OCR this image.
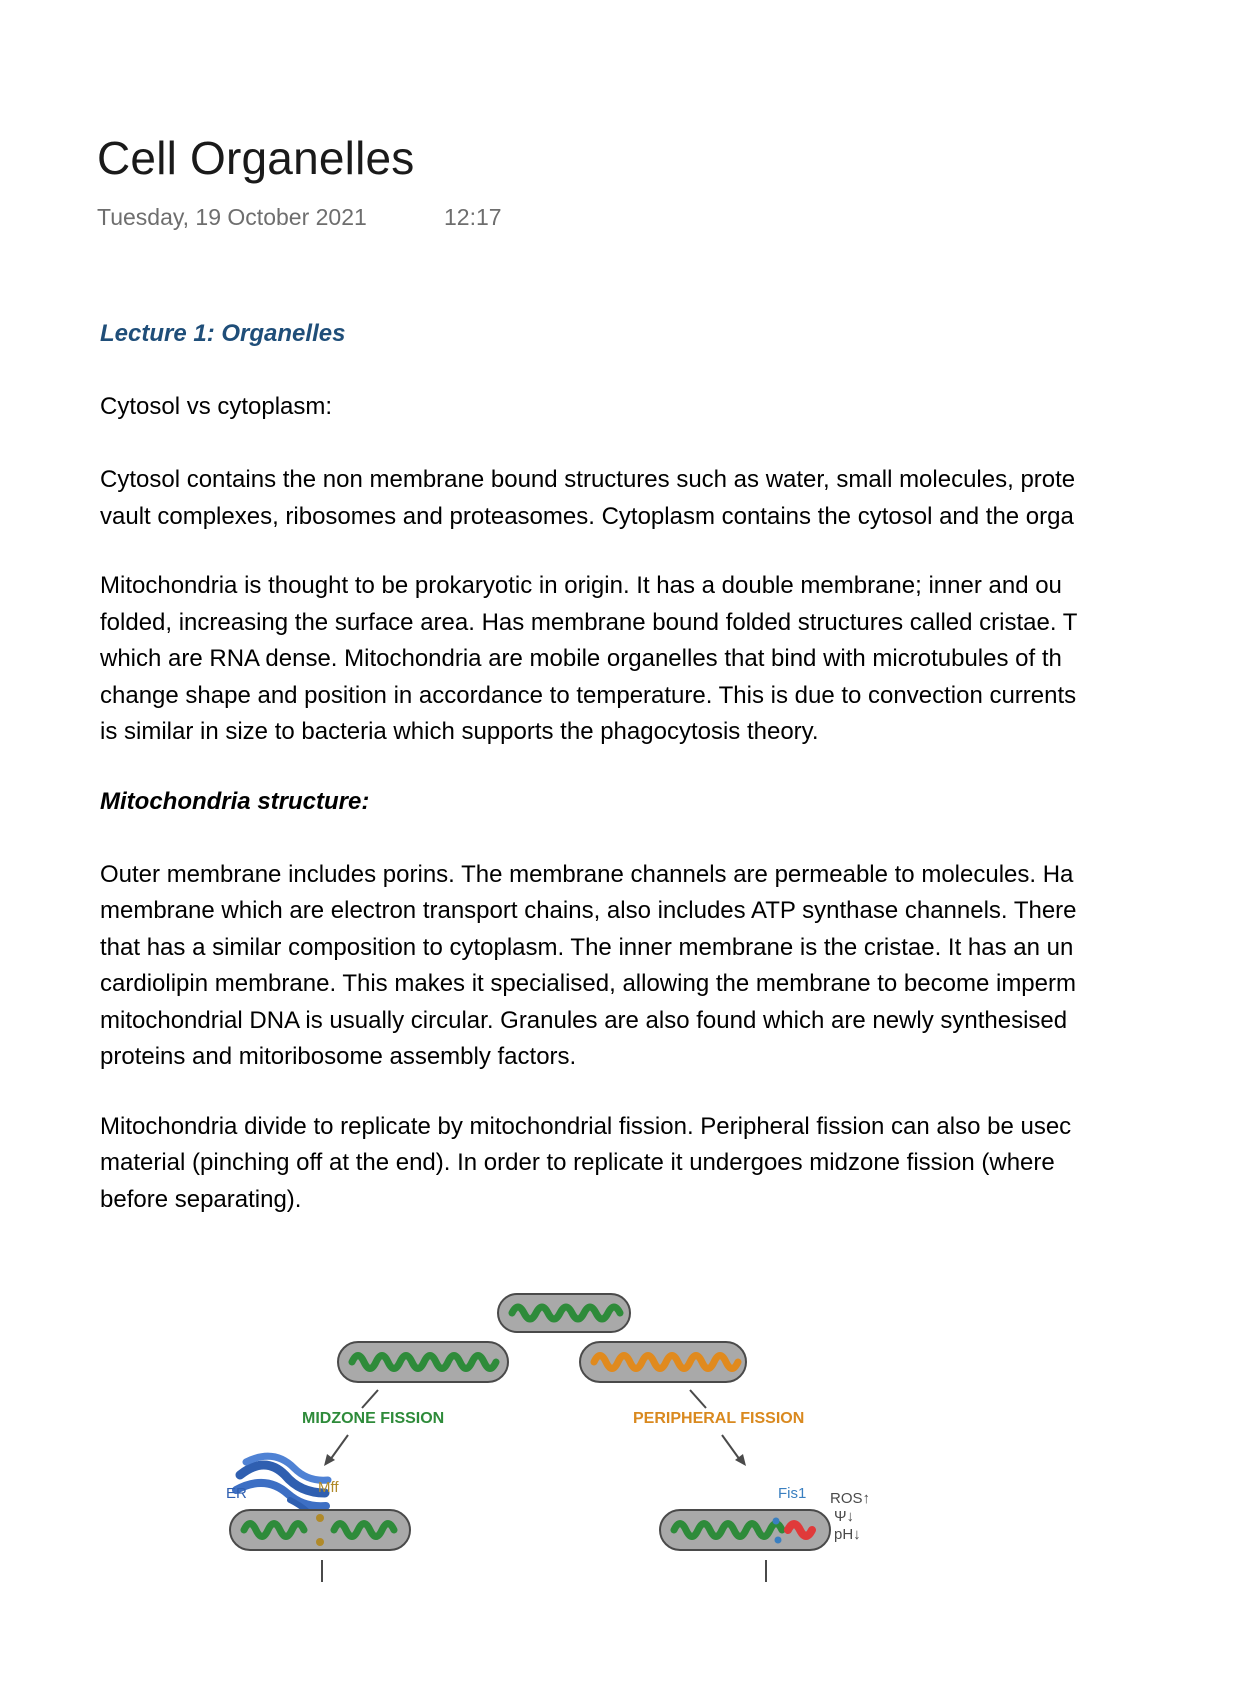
Cell Organelles
Tuesday, 19 October 2021	12:17
Lecture 1: Organelles
Cytosol vs cytoplasm:
Cytosol contains the non membrane bound structures such as water, small molecules, prote
vault complexes, ribosomes and proteasomes. Cytoplasm contains the cytosol and the orga
Mitochondria is thought to be prokaryotic in origin. It has a double membrane; inner and ou
folded, increasing the surface area. Has membrane bound folded structures called cristae. T
which are RNA dense. Mitochondria are mobile organelles that bind with microtubules of th
change shape and position in accordance to temperature. This is due to convection currents
is similar in size to bacteria which supports the phagocytosis theory.
Mitochondria structure:
Outer membrane includes porins. The membrane channels are permeable to molecules. Ha
membrane which are electron transport chains, also includes ATP synthase channels. There
that has a similar composition to cytoplasm. The inner membrane is the cristae. It has an un
cardiolipin membrane. This makes it specialised, allowing the membrane to become imperm
mitochondrial DNA is usually circular. Granules are also found which are newly synthesised
proteins and mitoribosome assembly factors.
Mitochondria divide to replicate by mitochondrial fission. Peripheral fission can also be usec
material (pinching off at the end). In order to replicate it undergoes midzone fission (where
before separating).
MIDZONE FISSION	PERIPHERAL FISSION
ER	Mff	Fis1 ROS↑
Ψ↓
pH↓
